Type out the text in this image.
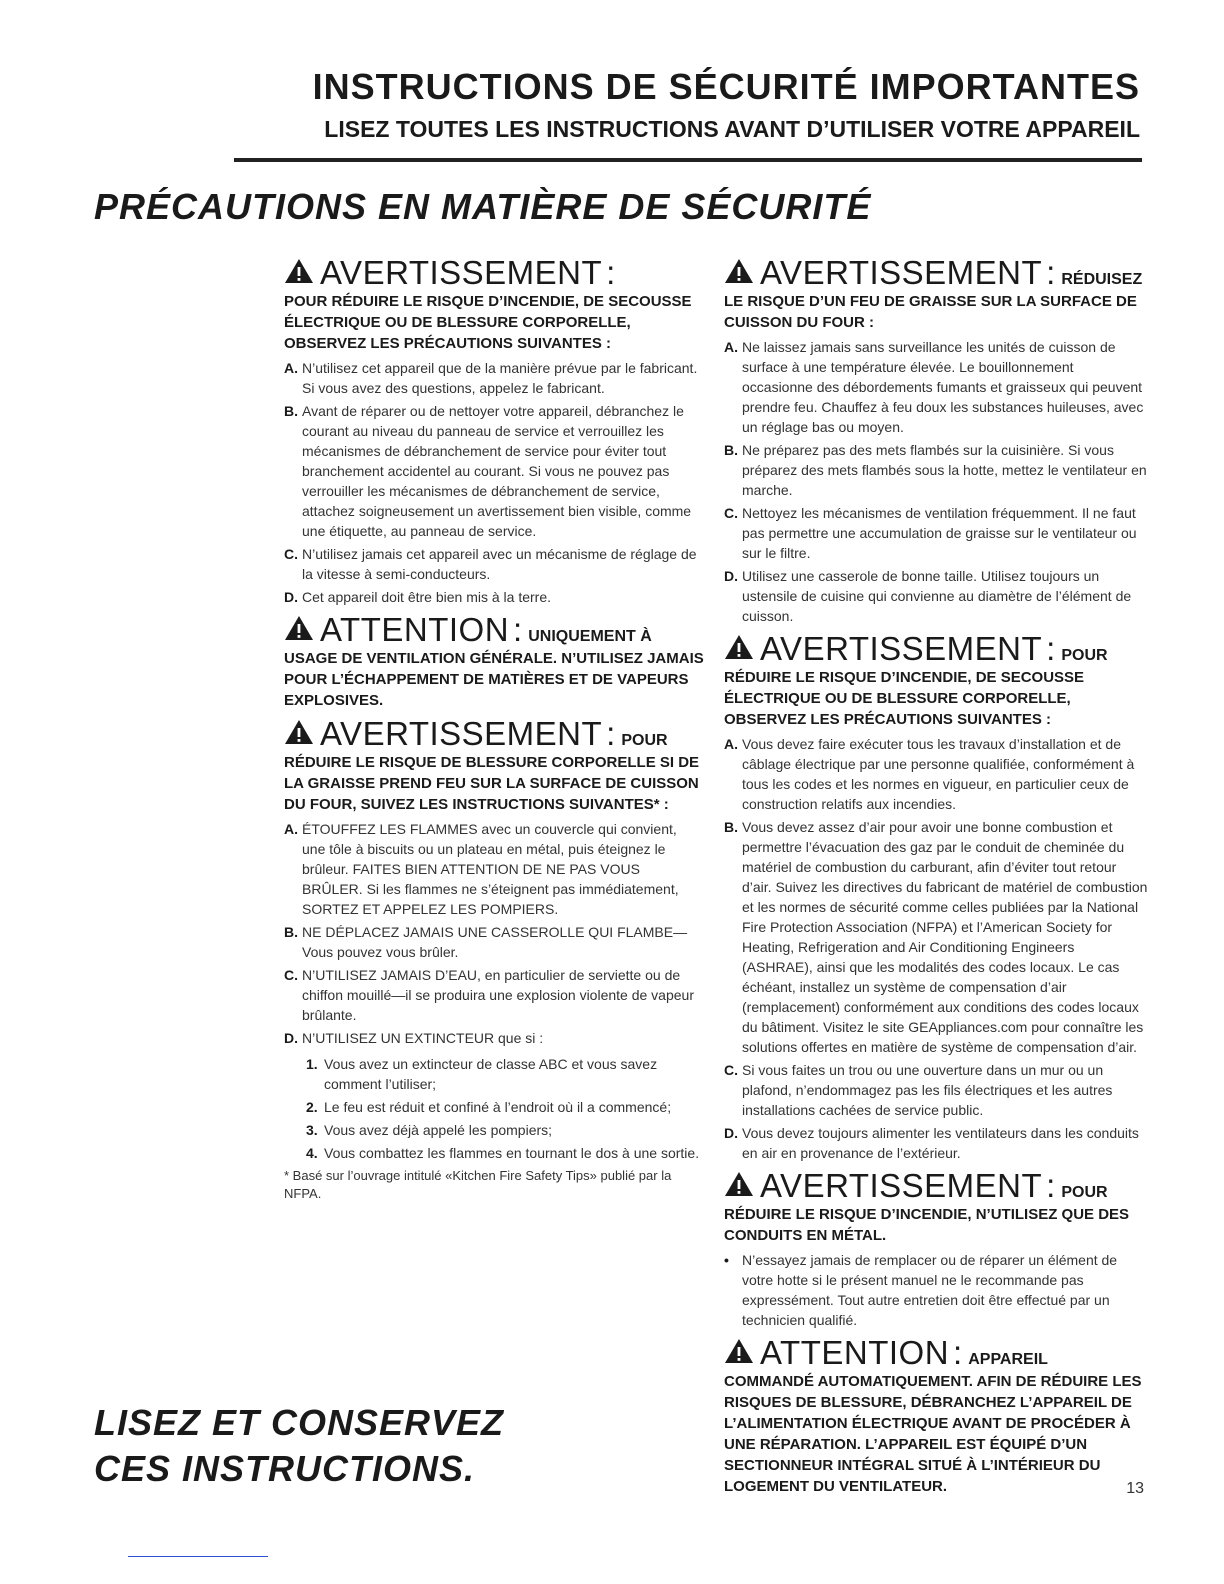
INSTRUCTIONS DE SÉCURITÉ IMPORTANTES
LISEZ TOUTES LES INSTRUCTIONS AVANT D’UTILISER VOTRE APPAREIL
PRÉCAUTIONS EN MATIÈRE DE SÉCURITÉ
AVERTISSEMENT :
POUR RÉDUIRE LE RISQUE D’INCENDIE, DE SECOUSSE ÉLECTRIQUE OU DE BLESSURE CORPORELLE, OBSERVEZ LES PRÉCAUTIONS SUIVANTES :
A. N’utilisez cet appareil que de la manière prévue par le fabricant. Si vous avez des questions, appelez le fabricant.
B. Avant de réparer ou de nettoyer votre appareil, débranchez le courant au niveau du panneau de service et verrouillez les mécanismes de débranchement de service pour éviter tout branchement accidentel au courant. Si vous ne pouvez pas verrouiller les mécanismes de débranchement de service, attachez soigneusement un avertissement bien visible, comme une étiquette, au panneau de service.
C. N’utilisez jamais cet appareil avec un mécanisme de réglage de la vitesse à semi-conducteurs.
D. Cet appareil doit être bien mis à la terre.
ATTENTION : UNIQUEMENT À
USAGE DE VENTILATION GÉNÉRALE. N’UTILISEZ JAMAIS POUR L’ÉCHAPPEMENT DE MATIÈRES ET DE VAPEURS EXPLOSIVES.
AVERTISSEMENT : POUR
RÉDUIRE LE RISQUE DE BLESSURE CORPORELLE SI DE LA GRAISSE PREND FEU SUR LA SURFACE DE CUISSON DU FOUR, SUIVEZ LES INSTRUCTIONS SUIVANTES* :
A. ÉTOUFFEZ LES FLAMMES avec un couvercle qui convient, une tôle à biscuits ou un plateau en métal, puis éteignez le brûleur. FAITES BIEN ATTENTION DE NE PAS VOUS BRÛLER. Si les flammes ne s’éteignent pas immédiatement, SORTEZ ET APPELEZ LES POMPIERS.
B. NE DÉPLACEZ JAMAIS UNE CASSEROLLE QUI FLAMBE—Vous pouvez vous brûler.
C. N’UTILISEZ JAMAIS D’EAU, en particulier de serviette ou de chiffon mouillé—il se produira une explosion violente de vapeur brûlante.
D. N’UTILISEZ UN EXTINCTEUR que si :
1. Vous avez un extincteur de classe ABC et vous savez comment l’utiliser;
2. Le feu est réduit et confiné à l’endroit où il a commencé;
3. Vous avez déjà appelé les pompiers;
4. Vous combattez les flammes en tournant le dos à une sortie.

* Basé sur l’ouvrage intitulé «Kitchen Fire Safety Tips» publié par la NFPA.

AVERTISSEMENT : RÉDUISEZ
LE RISQUE D’UN FEU DE GRAISSE SUR LA SURFACE DE CUISSON DU FOUR :
A. Ne laissez jamais sans surveillance les unités de cuisson de surface à une température élevée. Le bouillonnement occasionne des débordements fumants et graisseux qui peuvent prendre feu. Chauffez à feu doux les substances huileuses, avec un réglage bas ou moyen.
B. Ne préparez pas des mets flambés sur la cuisinière. Si vous préparez des mets flambés sous la hotte, mettez le ventilateur en marche.
C. Nettoyez les mécanismes de ventilation fréquemment. Il ne faut pas permettre une accumulation de graisse sur le ventilateur ou sur le filtre.
D. Utilisez une casserole de bonne taille. Utilisez toujours un ustensile de cuisine qui convienne au diamètre de l’élément de cuisson.
AVERTISSEMENT : POUR
RÉDUIRE LE RISQUE D’INCENDIE, DE SECOUSSE ÉLECTRIQUE OU DE BLESSURE CORPORELLE, OBSERVEZ LES PRÉCAUTIONS SUIVANTES :
A. Vous devez faire exécuter tous les travaux d’installation et de câblage électrique par une personne qualifiée, conformément à tous les codes et les normes en vigueur, en particulier ceux de construction relatifs aux incendies.
B. Vous devez assez d’air pour avoir une bonne combustion et permettre l’évacuation des gaz par le conduit de cheminée du matériel de combustion du carburant, afin d’éviter tout retour d’air. Suivez les directives du fabricant de matériel de combustion et les normes de sécurité comme celles publiées par la National Fire Protection Association (NFPA) et l’American Society for Heating, Refrigeration and Air Conditioning Engineers (ASHRAE), ainsi que les modalités des codes locaux. Le cas échéant, installez un système de compensation d’air (remplacement) conformément aux conditions des codes locaux du bâtiment. Visitez le site GEAppliances.com pour connaître les solutions offertes en matière de système de compensation d’air.
C. Si vous faites un trou ou une ouverture dans un mur ou un plafond, n’endommagez pas les fils électriques et les autres installations cachées de service public.
D. Vous devez toujours alimenter les ventilateurs dans les conduits en air en provenance de l’extérieur.
AVERTISSEMENT : POUR
RÉDUIRE LE RISQUE D’INCENDIE, N’UTILISEZ QUE DES CONDUITS EN MÉTAL.
• N’essayez jamais de remplacer ou de réparer un élément de votre hotte si le présent manuel ne le recommande pas expressément. Tout autre entretien doit être effectué par un technicien qualifié.
ATTENTION : APPAREIL
COMMANDÉ AUTOMATIQUEMENT. AFIN DE RÉDUIRE LES RISQUES DE BLESSURE, DÉBRANCHEZ L’APPAREIL DE L’ALIMENTATION ÉLECTRIQUE AVANT DE PROCÉDER À UNE RÉPARATION. L’APPAREIL EST ÉQUIPÉ D’UN SECTIONNEUR INTÉGRAL SITUÉ À L’INTÉRIEUR DU LOGEMENT DU VENTILATEUR.
LISEZ ET CONSERVEZ
CES INSTRUCTIONS.	13
